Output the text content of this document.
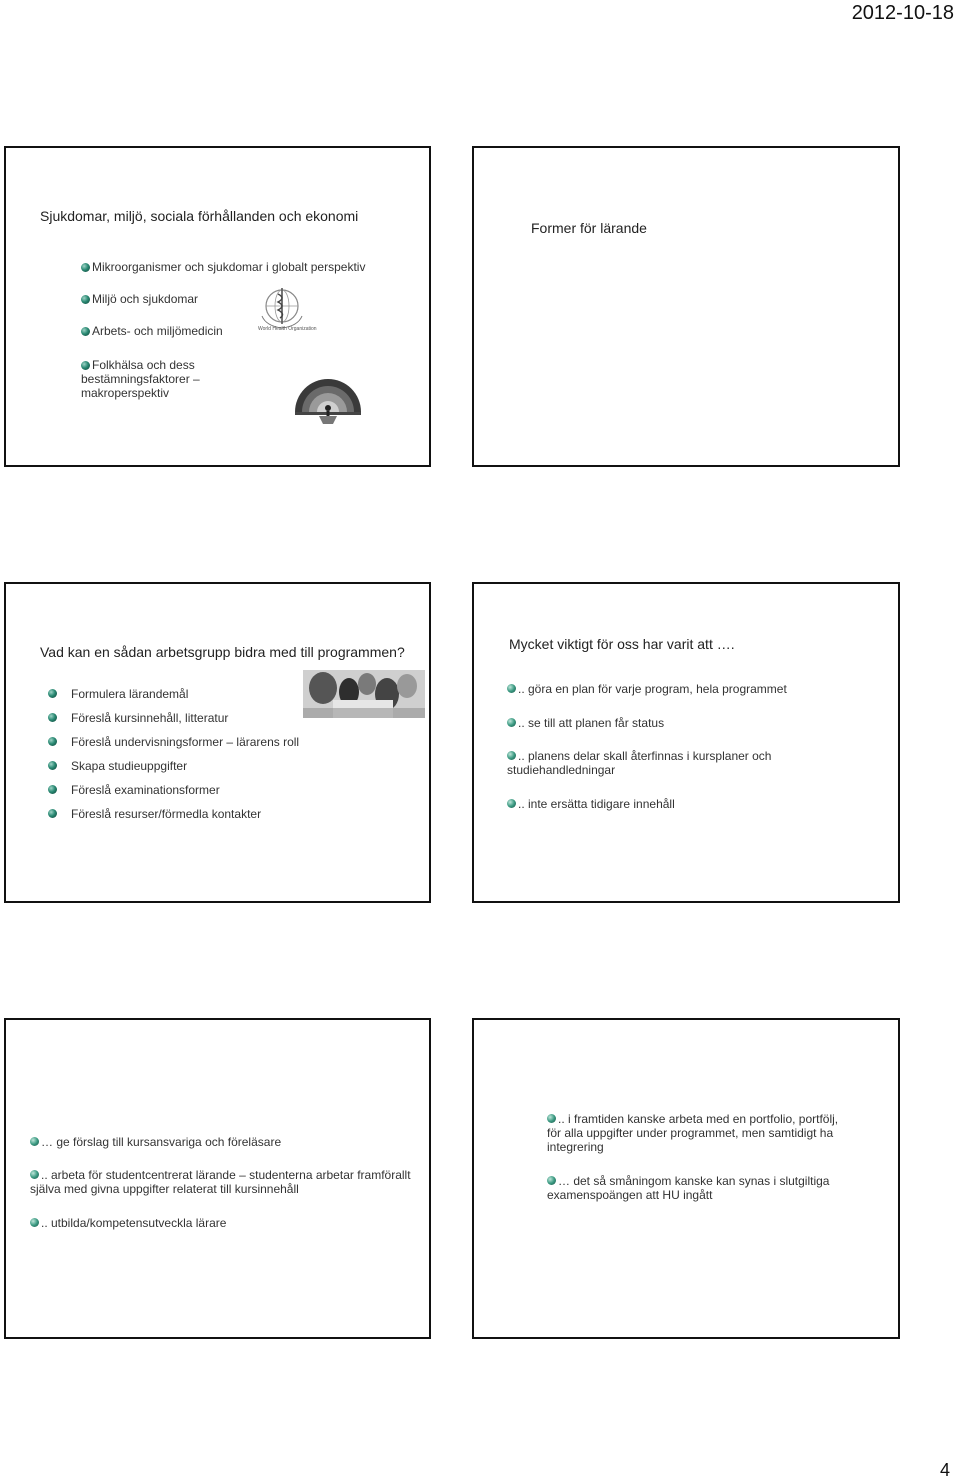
2012-10-18
Sjukdomar, miljö, sociala förhållanden och ekonomi
Mikroorganismer och sjukdomar i globalt perspektiv
Miljö och sjukdomar
Arbets- och miljömedicin
Folkhälsa och dess bestämningsfaktorer – makroperspektiv
World Health Organization
Former för lärande
Vad kan en sådan arbetsgrupp bidra med till programmen?
Formulera lärandemål
Föreslå kursinnehåll, litteratur
Föreslå undervisningsformer – lärarens roll
Skapa studieuppgifter
Föreslå examinationsformer
Föreslå resurser/förmedla kontakter
Mycket viktigt för oss har varit att ….
.. göra en plan för varje program, hela programmet
.. se till att planen får status
.. planens delar skall återfinnas i kursplaner och studiehandledningar
.. inte ersätta tidigare innehåll
… ge förslag till kursansvariga och föreläsare
.. arbeta för studentcentrerat lärande – studenterna arbetar framförallt själva med givna uppgifter relaterat till kursinnehåll
.. utbilda/kompetensutveckla lärare
.. i framtiden kanske arbeta med en portfolio, portfölj, för alla uppgifter under programmet, men samtidigt ha integrering
… det så småningom kanske kan synas i slutgiltiga examenspoängen att HU ingått
4
